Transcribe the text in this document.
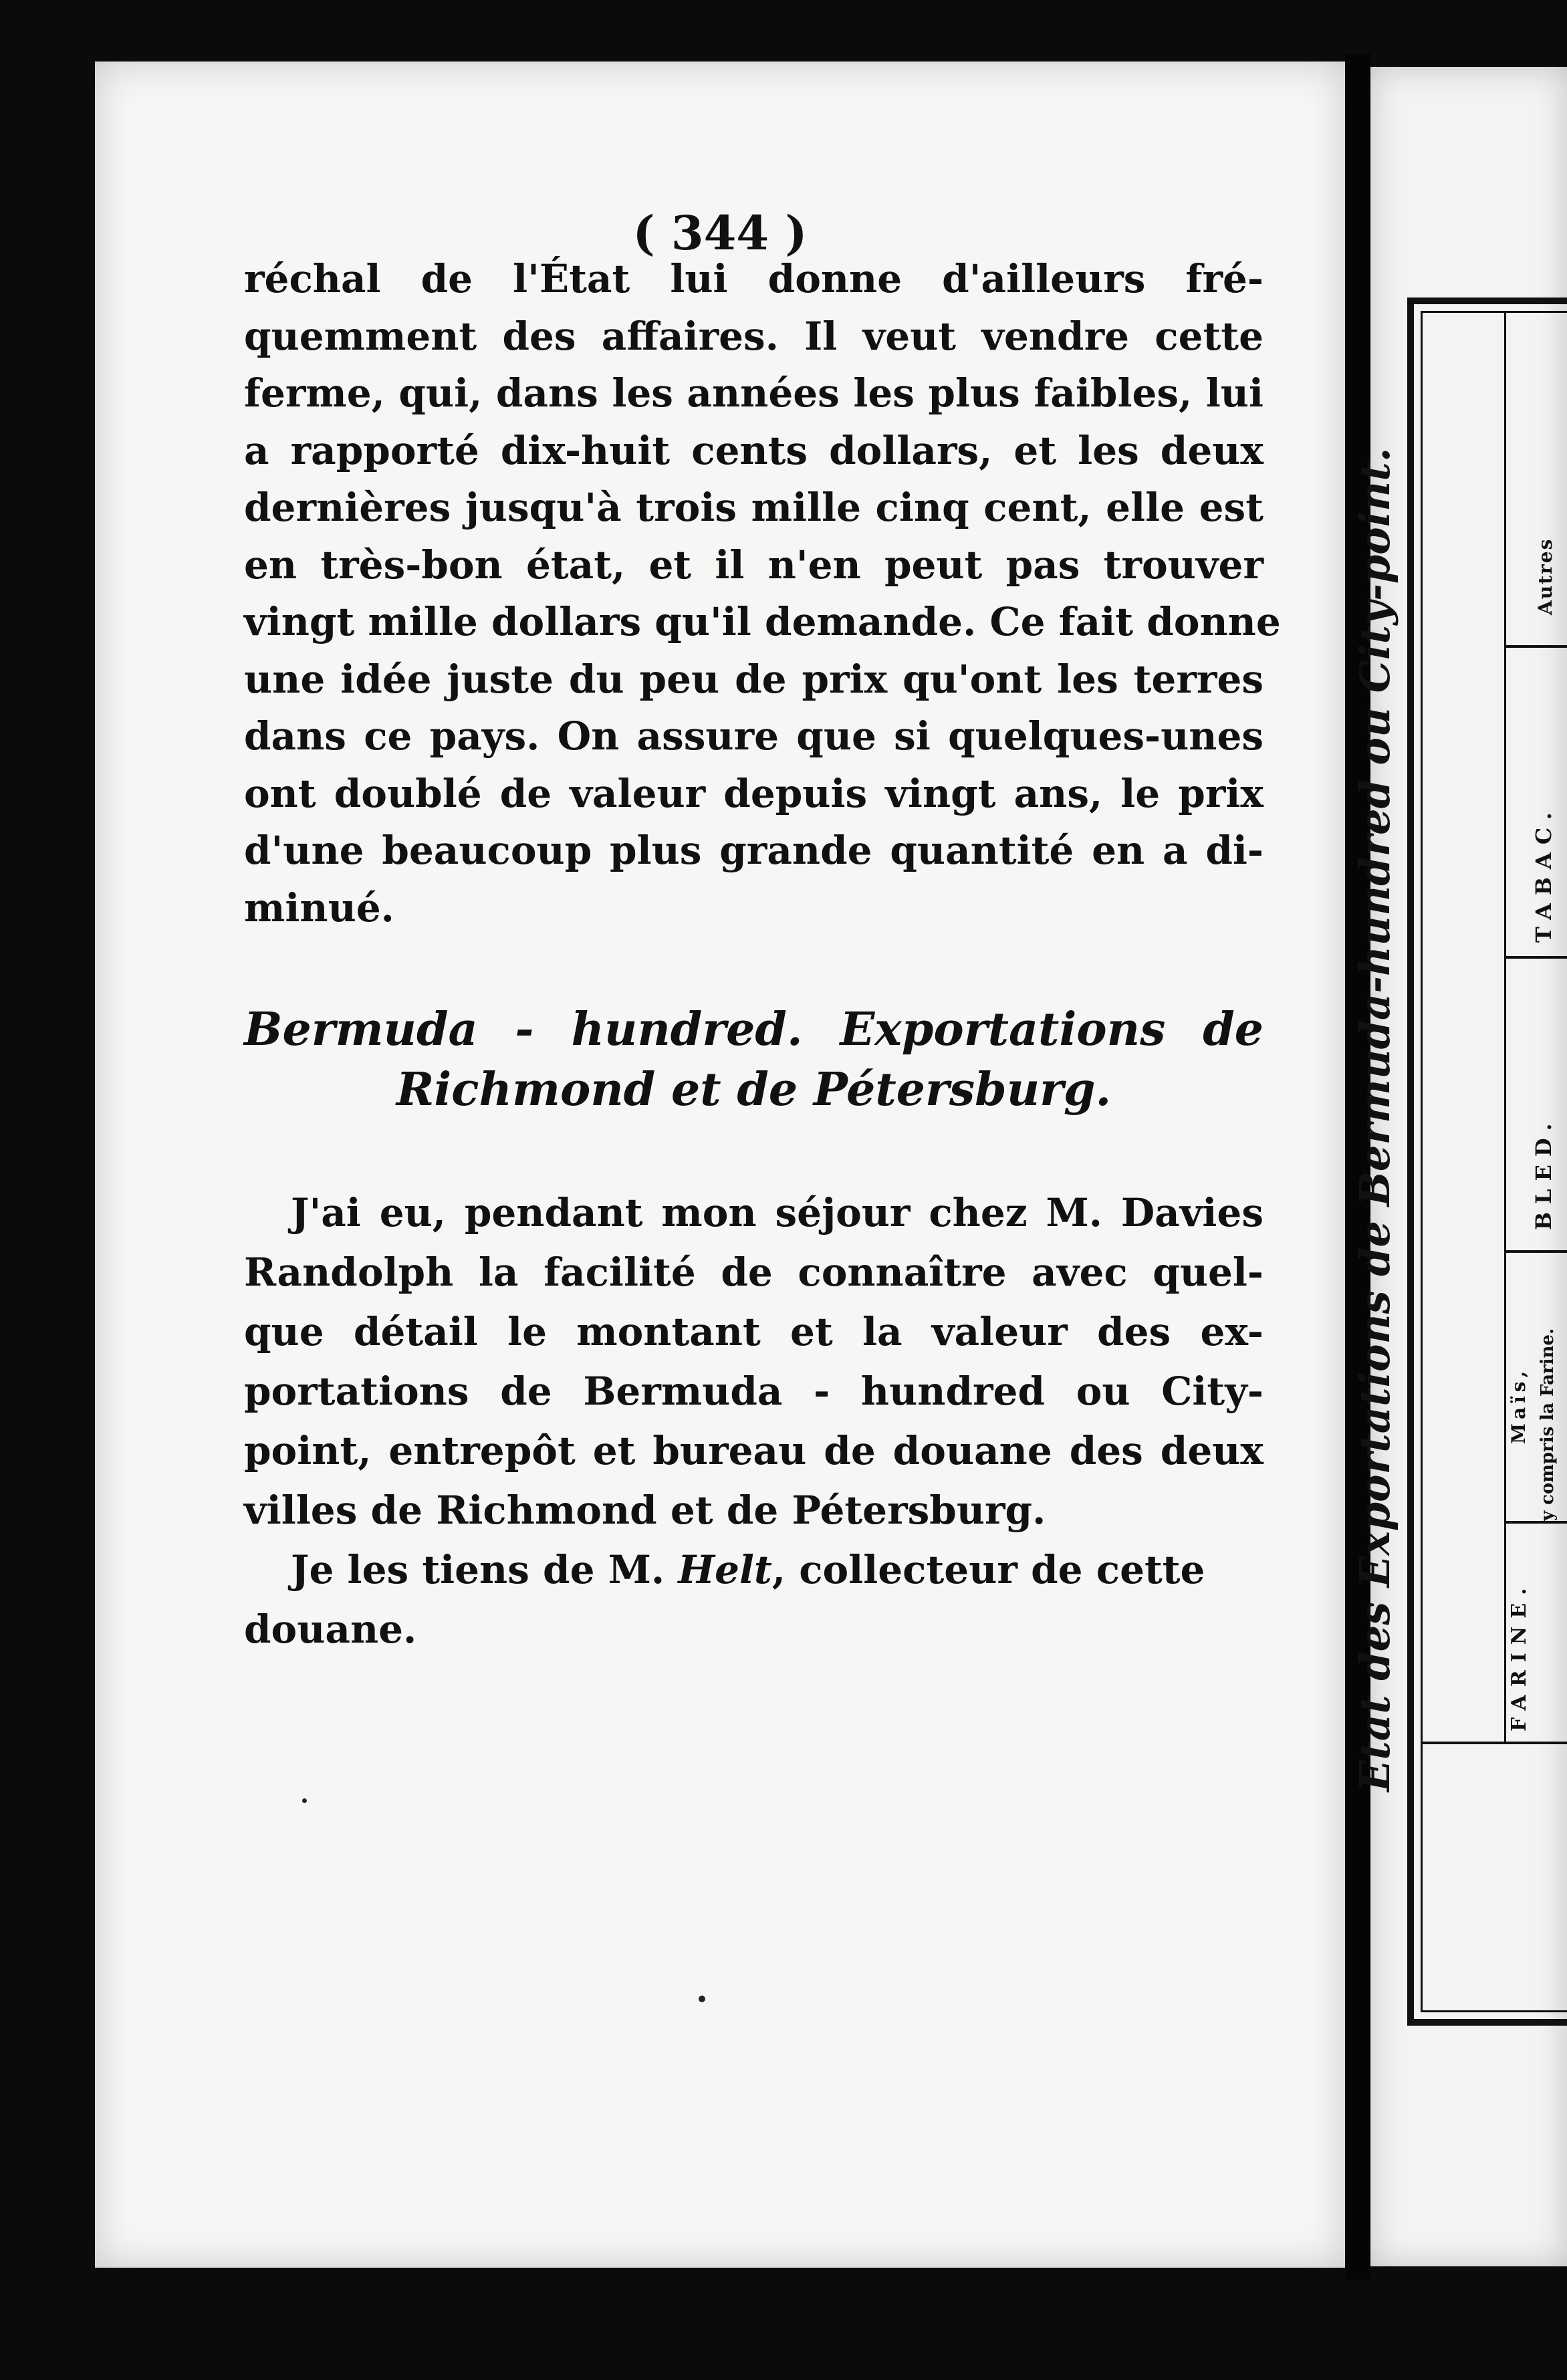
( 344 )
réchal de l'État lui donne d'ailleurs fré-
quemment des affaires. Il veut vendre cette
ferme, qui, dans les années les plus faibles, lui
a rapporté dix-huit cents dollars, et les deux
dernières jusqu'à trois mille cinq cent, elle est
en très-bon état, et il n'en peut pas trouver
vingt mille dollars qu'il demande. Ce fait donne
une idée juste du peu de prix qu'ont les terres
dans ce pays. On assure que si quelques-unes
ont doublé de valeur depuis vingt ans, le prix
d'une beaucoup plus grande quantité en a di-
minué.
Bermuda - hundred. Exportations de
Richmond et de Pétersburg.
J'ai eu, pendant mon séjour chez M. Davies
Randolph la facilité de connaître avec quel-
que détail le montant et la valeur des ex-
portations de Bermuda - hundred ou City-
point, entrepôt et bureau de douane des deux
villes de Richmond et de Pétersburg.
Je les tiens de M. Helt, collecteur de cette
douane.	Etat des Exportations de Bermuda-hundred ou City-point.	Autres
TABAC.
BLED.
Maïs, y compris la Farine.
FARINE.
